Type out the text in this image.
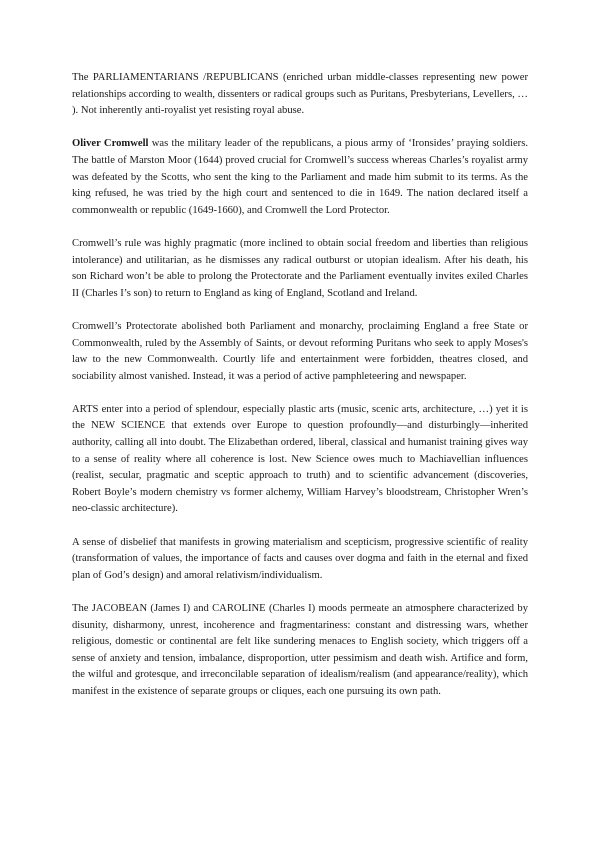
The PARLIAMENTARIANS /REPUBLICANS (enriched urban middle-classes representing new power relationships according to wealth, dissenters or radical groups such as Puritans, Presbyterians, Levellers, … ). Not inherently anti-royalist yet resisting royal abuse.

Oliver Cromwell was the military leader of the republicans, a pious army of ‘Ironsides’ praying soldiers. The battle of Marston Moor (1644) proved crucial for Cromwell’s success whereas Charles’s royalist army was defeated by the Scotts, who sent the king to the Parliament and made him submit to its terms. As the king refused, he was tried by the high court and sentenced to die in 1649. The nation declared itself a commonwealth or republic (1649-1660), and Cromwell the Lord Protector.

Cromwell’s rule was highly pragmatic (more inclined to obtain social freedom and liberties than religious intolerance) and utilitarian, as he dismisses any radical outburst or utopian idealism. After his death, his son Richard won’t be able to prolong the Protectorate and the Parliament eventually invites exiled Charles II (Charles I’s son) to return to England as king of England, Scotland and Ireland.

Cromwell’s Protectorate abolished both Parliament and monarchy, proclaiming England a free State or Commonwealth, ruled by the Assembly of Saints, or devout reforming Puritans who seek to apply Moses's law to the new Commonwealth. Courtly life and entertainment were forbidden, theatres closed, and sociability almost vanished. Instead, it was a period of active pamphleteering and newspaper.

ARTS enter into a period of splendour, especially plastic arts (music, scenic arts, architecture, …) yet it is the NEW SCIENCE that extends over Europe to question profoundly—and disturbingly—inherited authority, calling all into doubt. The Elizabethan ordered, liberal, classical and humanist training gives way to a sense of reality where all coherence is lost. New Science owes much to Machiavellian influences (realist, secular, pragmatic and sceptic approach to truth) and to scientific advancement (discoveries, Robert Boyle’s modern chemistry vs former alchemy, William Harvey’s bloodstream, Christopher Wren’s neo-classic architecture).

A sense of disbelief that manifests in growing materialism and scepticism, progressive scientific of reality (transformation of values, the importance of facts and causes over dogma and faith in the eternal and fixed plan of God’s design) and amoral relativism/individualism.

The JACOBEAN (James I) and CAROLINE (Charles I) moods permeate an atmosphere characterized by disunity, disharmony, unrest, incoherence and fragmentariness: constant and distressing wars, whether religious, domestic or continental are felt like sundering menaces to English society, which triggers off a sense of anxiety and tension, imbalance, disproportion, utter pessimism and death wish. Artifice and form, the wilful and grotesque, and irreconcilable separation of idealism/realism (and appearance/reality), which manifest in the existence of separate groups or cliques, each one pursuing its own path.
